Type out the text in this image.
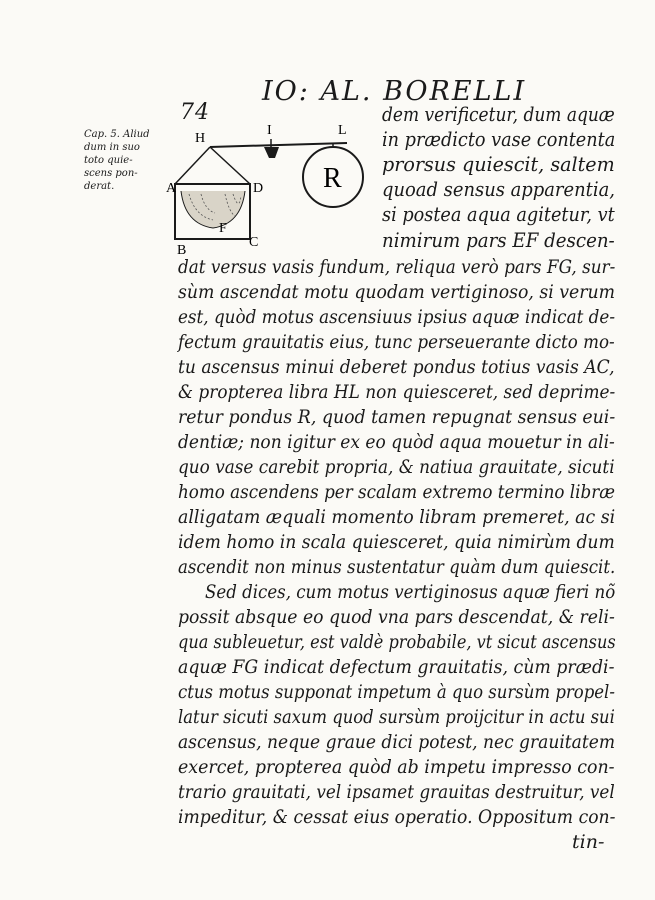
74
IO: AL. BORELLI
Cap. 5. Aliud
dum in suo
toto quie-
scens pon-
derat.
H
I	L
A	D
F
B
C
R
dem verificetur, dum aquæ
in prædicto vase contenta
prorsus quiescit, saltem
quoad sensus apparentia,
si postea aqua agitetur, vt
nimirum pars EF descen-
dat versus vasis fundum, reliqua verò pars FG, sur-
sùm ascendat motu quodam vertiginoso, si verum
est, quòd motus ascensiuus ipsius aquæ indicat de-
fectum grauitatis eius, tunc perseuerante dicto mo-
tu ascensus minui deberet pondus totius vasis AC,
& propterea libra HL non quiesceret, sed deprime-
retur pondus R, quod tamen repugnat sensus eui-
dentiæ; non igitur ex eo quòd aqua mouetur in ali-
quo vase carebit propria, & natiua grauitate, sicuti
homo ascendens per scalam extremo termino libræ
alligatam æquali momento libram premeret, ac si
idem homo in scala quiesceret, quia nimirùm dum
ascendit non minus sustentatur quàm dum quiescit.
Sed dices, cum motus vertiginosus aquæ fieri nõ
possit absque eo quod vna pars descendat, & reli-
qua subleuetur, est valdè probabile, vt sicut ascensus
aquæ FG indicat defectum grauitatis, cùm prædi-
ctus motus supponat impetum à quo sursùm propel-
latur sicuti saxum quod sursùm proijcitur in actu sui
ascensus, neque graue dici potest, nec grauitatem
exercet, propterea quòd ab impetu impresso con-
trario grauitati, vel ipsamet grauitas destruitur, vel
impeditur, & cessat eius operatio. Oppositum con-
tin-
